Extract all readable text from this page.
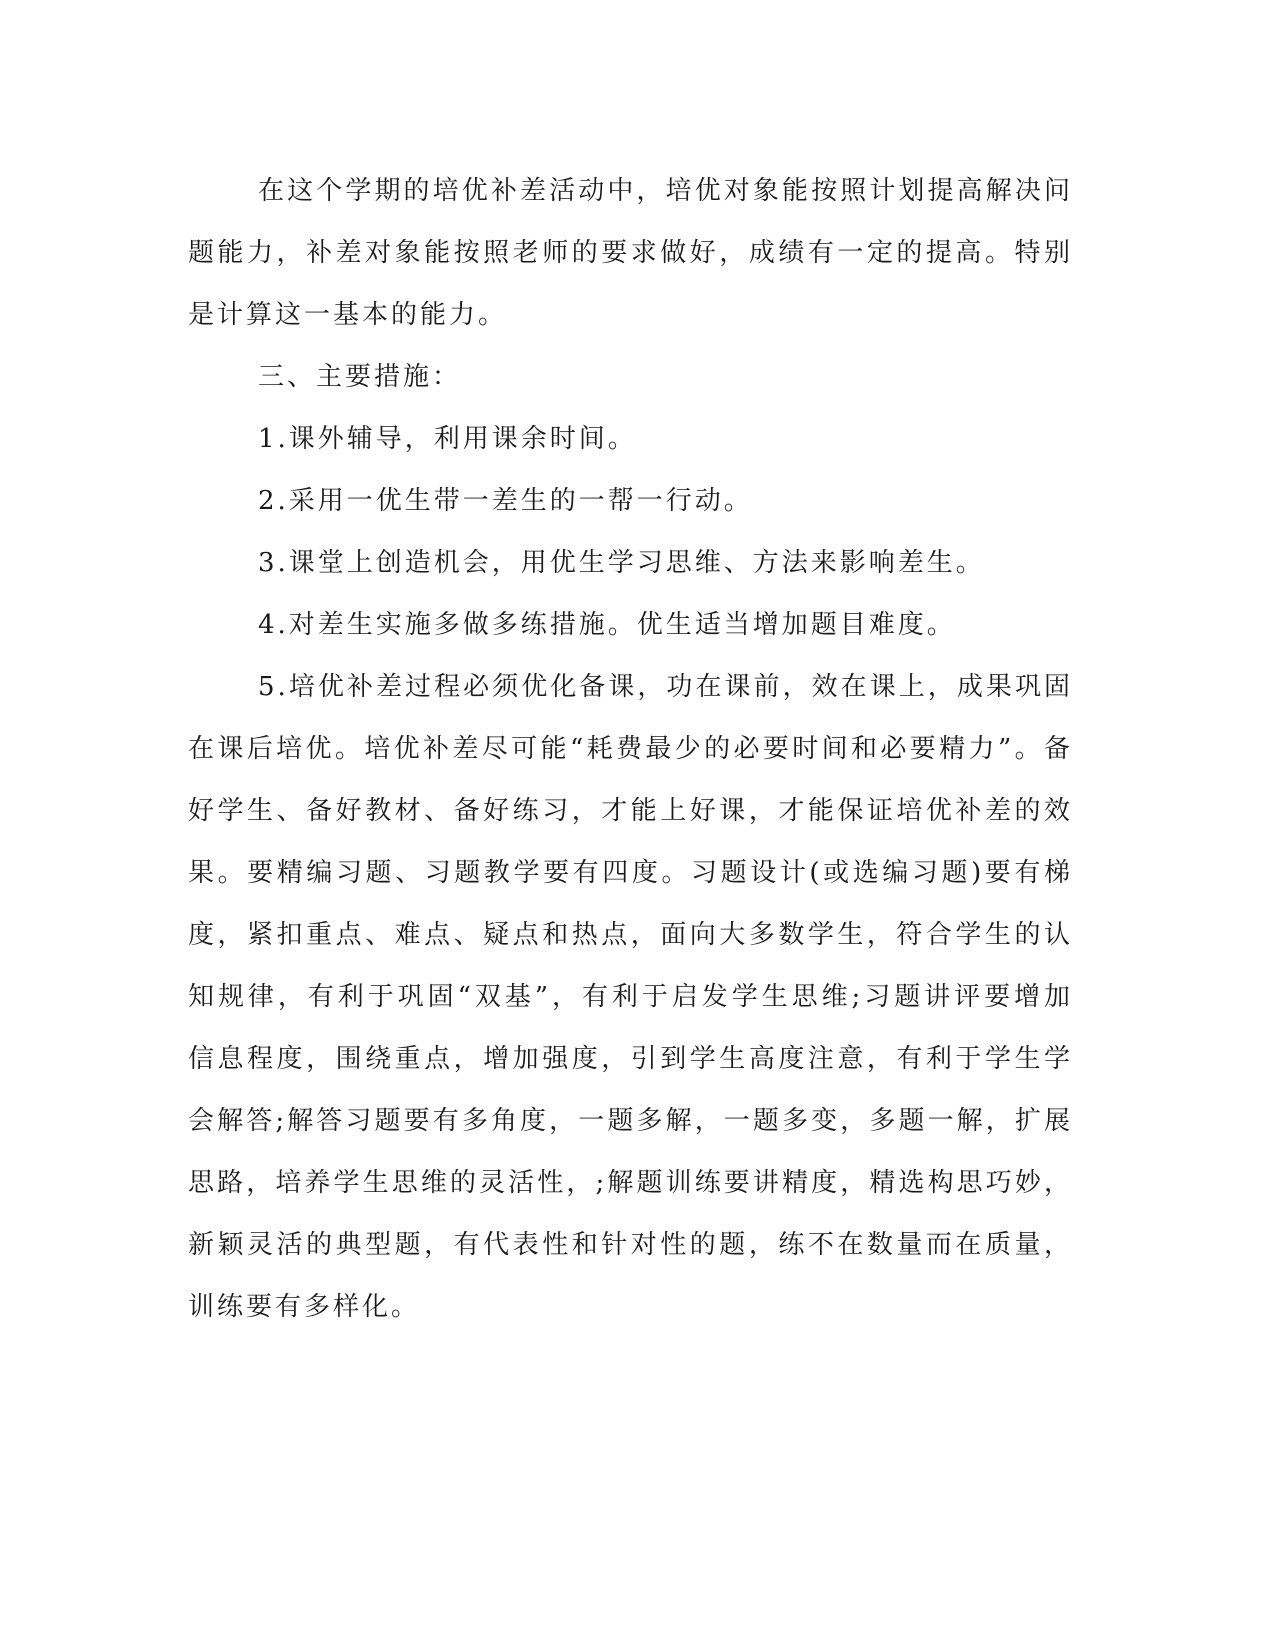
在这个学期的培优补差活动中，培优对象能按照计划提高解决问题能力，补差对象能按照老师的要求做好，成绩有一定的提高。特别是计算这一基本的能力。

三、主要措施：

1.课外辅导，利用课余时间。

2.采用一优生带一差生的一帮一行动。

3.课堂上创造机会，用优生学习思维、方法来影响差生。

4.对差生实施多做多练措施。优生适当增加题目难度。

5.培优补差过程必须优化备课，功在课前，效在课上，成果巩固在课后培优。培优补差尽可能“耗费最少的必要时间和必要精力”。备好学生、备好教材、备好练习，才能上好课，才能保证培优补差的效果。要精编习题、习题教学要有四度。习题设计(或选编习题)要有梯度，紧扣重点、难点、疑点和热点，面向大多数学生，符合学生的认知规律，有利于巩固“双基”，有利于启发学生思维;习题讲评要增加信息程度，围绕重点，增加强度，引到学生高度注意，有利于学生学会解答;解答习题要有多角度，一题多解，一题多变，多题一解，扩展思路，培养学生思维的灵活性，;解题训练要讲精度，精选构思巧妙，新颖灵活的典型题，有代表性和针对性的题，练不在数量而在质量，训练要有多样化。
